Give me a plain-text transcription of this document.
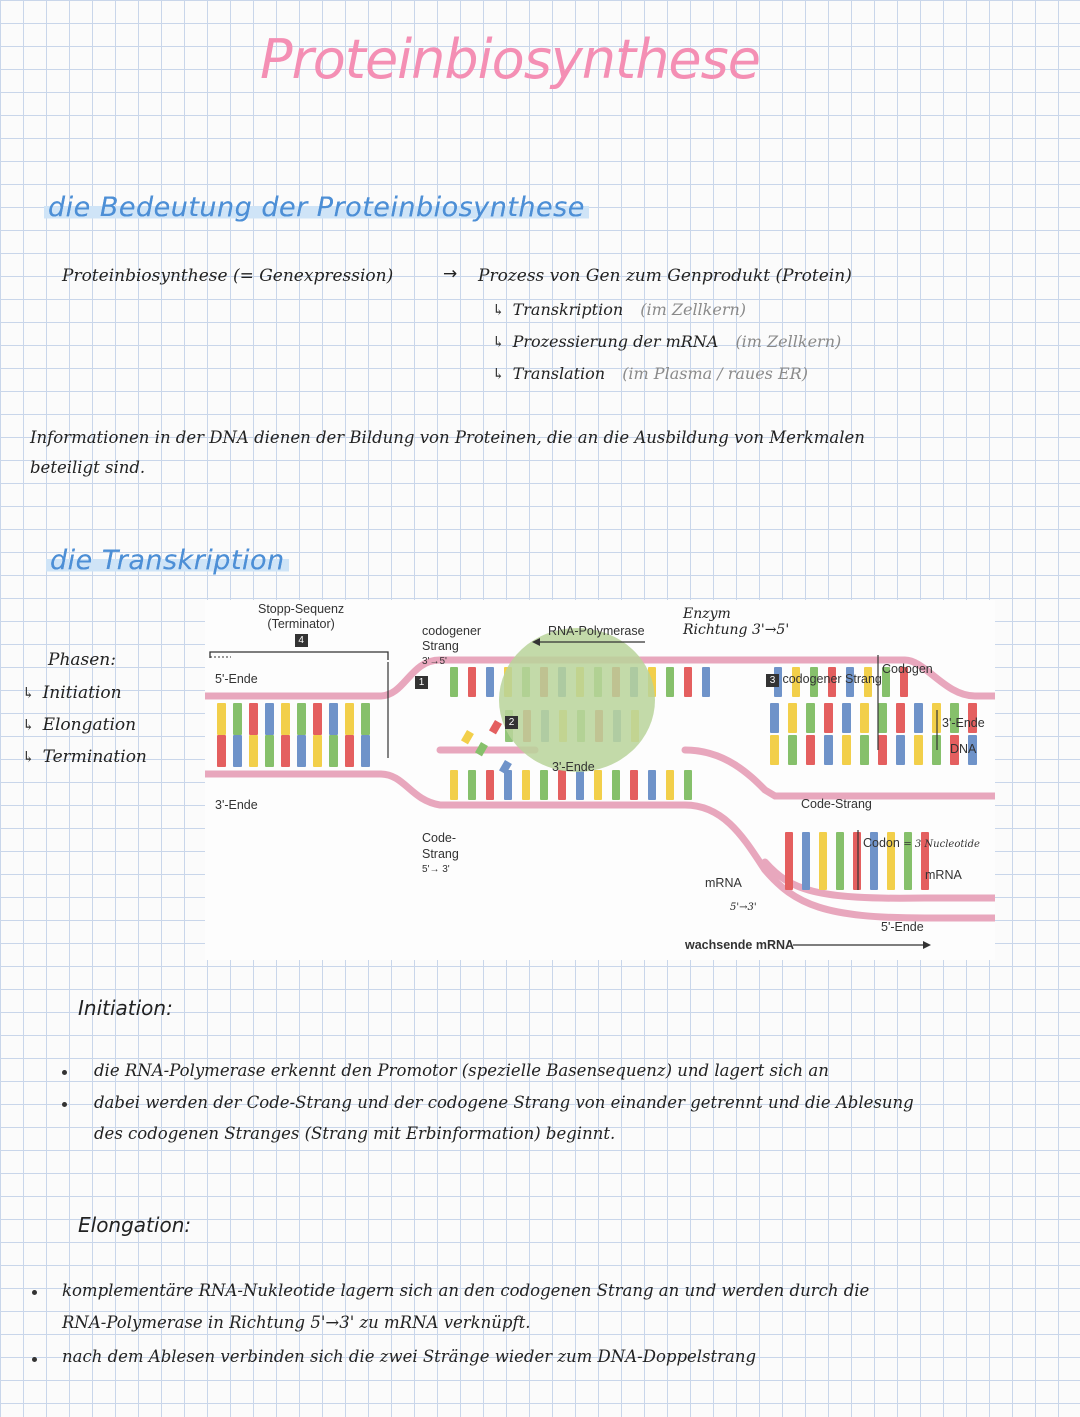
Proteinbiosynthese
die Bedeutung der Proteinbiosynthese
Proteinbiosynthese (= Genexpression)	→ Prozess von Gen zum Genprodukt (Protein)
↳ Transkription (im Zellkern)
↳ Prozessierung der mRNA (im Zellkern)
↳ Translation (im Plasma / raues ER)
Informationen in der DNA dienen der Bildung von Proteinen, die an die Ausbildung von Merkmalen
beteiligt sind.
die Transkription
Phasen:
↳ Initiation
↳ Elongation
↳ Termination
Stopp-Sequenz
(Terminator)
4
5'-Ende
3'-Ende
1
2
codogener
Strang
3'→5'
RNA-Polymerase
Enzym
Richtung 3'→5'
3'-Ende
3 codogener Strang
Codogen
3'-Ende
DNA
Code-Strang
Code-
Strang
5'→ 3'
Codon = 3 Nucleotide
mRNA
mRNA
5'→3'
5'-Ende
wachsende mRNA
Initiation:
die RNA-Polymerase erkennt den Promotor (spezielle Basensequenz) und lagert sich an
dabei werden der Code-Strang und der codogene Strang von einander getrennt und die Ablesung
des codogenen Stranges (Strang mit Erbinformation) beginnt.
Elongation:
komplementäre RNA-Nukleotide lagern sich an den codogenen Strang an und werden durch die
RNA-Polymerase in Richtung 5'→3' zu mRNA verknüpft.
nach dem Ablesen verbinden sich die zwei Stränge wieder zum DNA-Doppelstrang
